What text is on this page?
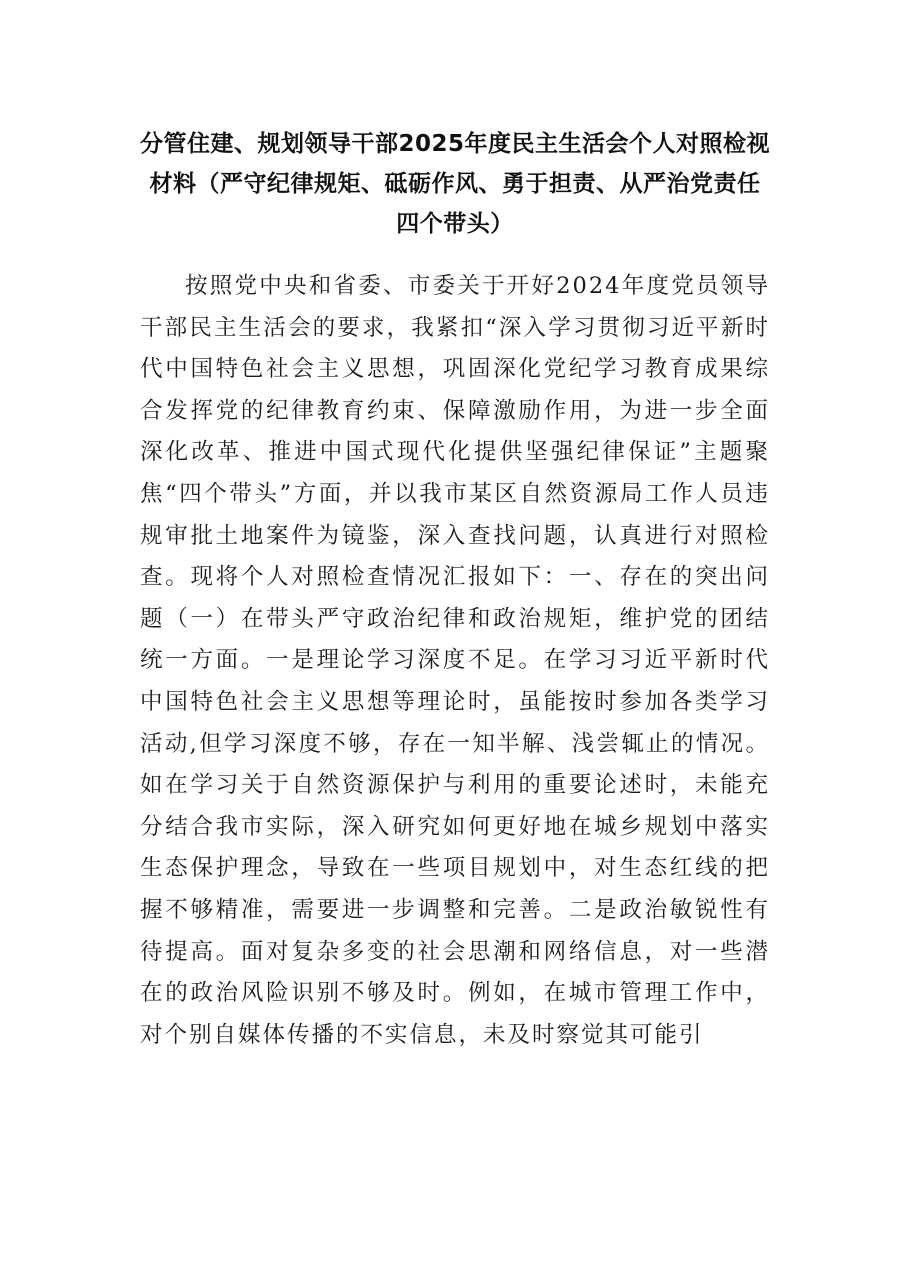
分管住建、规划领导干部2025年度民主生活会个人对照检视材料（严守纪律规矩、砥砺作风、勇于担责、从严治党责任四个带头）

按照党中央和省委、市委关于开好2024年度党员领导干部民主生活会的要求，我紧扣“深入学习贯彻习近平新时代中国特色社会主义思想，巩固深化党纪学习教育成果综合发挥党的纪律教育约束、保障激励作用，为进一步全面深化改革、推进中国式现代化提供坚强纪律保证”主题聚焦“四个带头”方面，并以我市某区自然资源局工作人员违规审批土地案件为镜鉴，深入查找问题，认真进行对照检查。现将个人对照检查情况汇报如下：一、存在的突出问题（一）在带头严守政治纪律和政治规矩，维护党的团结统一方面。一是理论学习深度不足。在学习习近平新时代中国特色社会主义思想等理论时，虽能按时参加各类学习活动,但学习深度不够，存在一知半解、浅尝辄止的情况。如在学习关于自然资源保护与利用的重要论述时，未能充分结合我市实际，深入研究如何更好地在城乡规划中落实生态保护理念，导致在一些项目规划中，对生态红线的把握不够精准，需要进一步调整和完善。二是政治敏锐性有待提高。面对复杂多变的社会思潮和网络信息，对一些潜在的政治风险识别不够及时。例如，在城市管理工作中，对个别自媒体传播的不实信息，未及时察觉其可能引
